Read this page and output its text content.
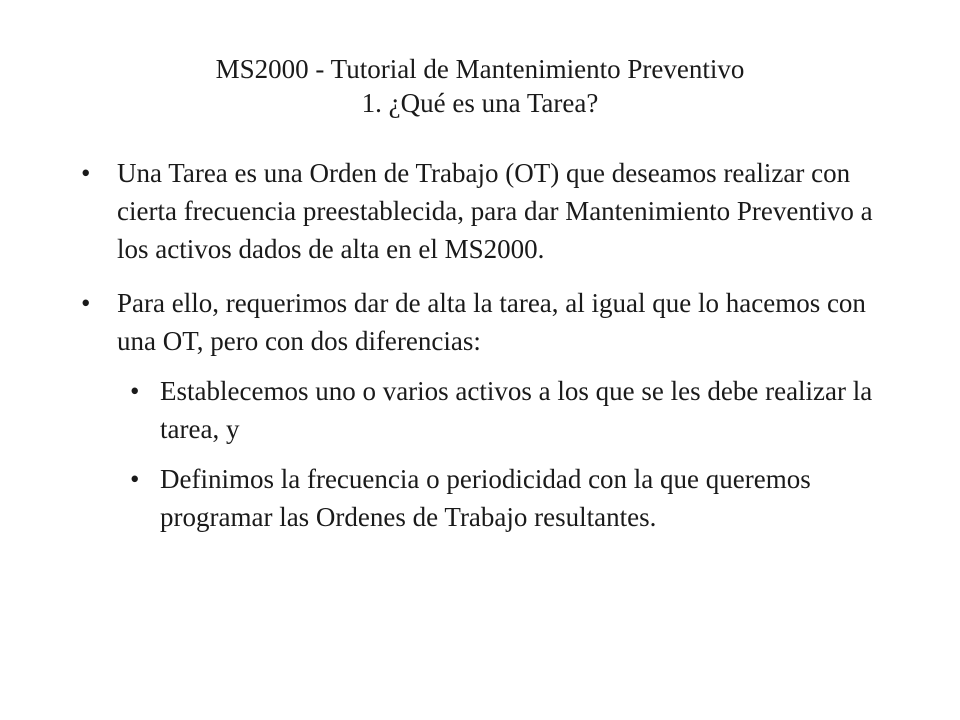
MS2000 - Tutorial de Mantenimiento Preventivo
1. ¿Qué es una Tarea?
• Una Tarea es una Orden de Trabajo (OT) que deseamos realizar con cierta frecuencia preestablecida, para dar Mantenimiento Preventivo a los activos dados de alta en el MS2000.
• Para ello, requerimos dar de alta la tarea, al igual que lo hacemos con una OT, pero con dos diferencias:
• Establecemos uno o varios activos a los que se les debe realizar la tarea, y
• Definimos la frecuencia o periodicidad con la que queremos programar las Ordenes de Trabajo resultantes.
